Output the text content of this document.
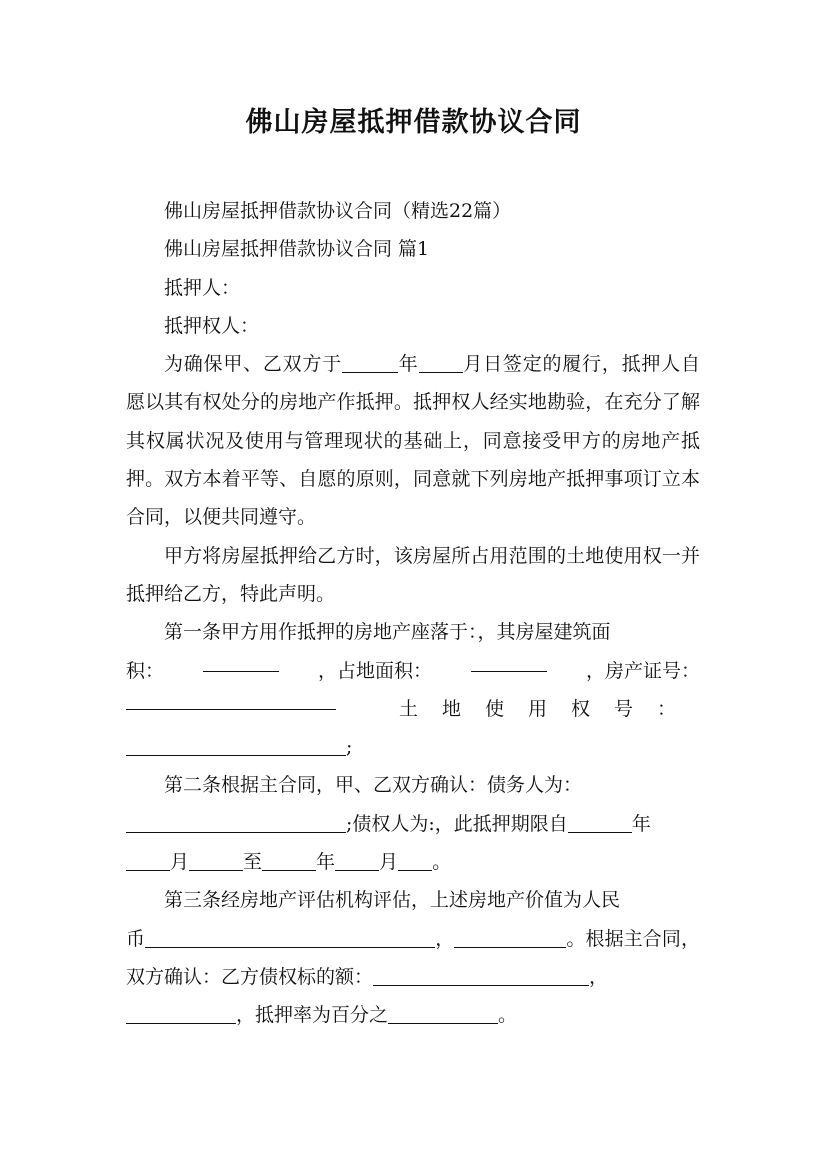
佛山房屋抵押借款协议合同

佛山房屋抵押借款协议合同（精选22篇）

佛山房屋抵押借款协议合同 篇1

抵押人：

抵押权人：

为确保甲、乙双方于	年 月日签定的履行，抵押人自愿以其有权处分的房地产作抵押。抵押权人经实地勘验，在充分了解其权属状况及使用与管理现状的基础上，同意接受甲方的房地产抵押。双方本着平等、自愿的原则，同意就下列房地产抵押事项订立本合同，以便共同遵守。

甲方将房屋抵押给乙方时，该房屋所占用范围的土地使用权一并抵押给乙方，特此声明。

第一条甲方用作抵押的房地产座落于：，其房屋建筑面

积：	，占地面积：	，房产证号：

土地使用权号：

;

第二条根据主合同，甲、乙双方确认：债务人为：

;债权人为:，此抵押期限自	年

月	至	年 月 。

第三条经房地产评估机构评估，上述房地产价值为人民

币	，	。根据主合同，双方确认：乙方债权标的额：	，

，抵押率为百分之	。
